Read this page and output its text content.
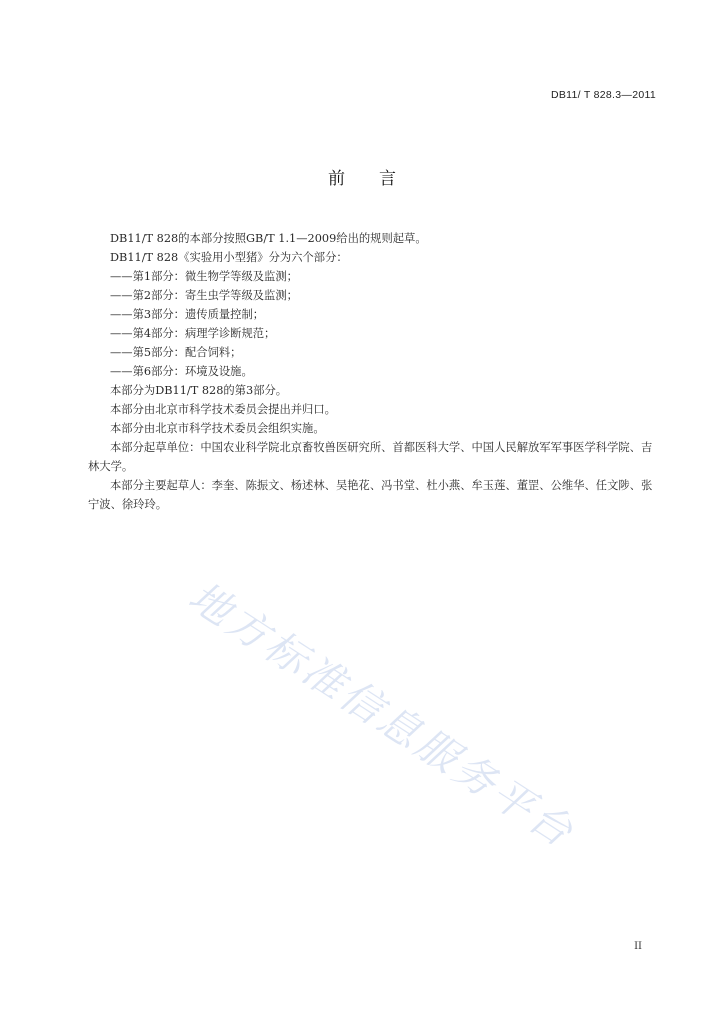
DB11/ T 828.3—2011
前言

DB11/T 828的本部分按照GB/T 1.1—2009给出的规则起草。

DB11/T 828《实验用小型猪》分为六个部分：

——第1部分：微生物学等级及监测；

——第2部分：寄生虫学等级及监测；

——第3部分：遗传质量控制；

——第4部分：病理学诊断规范；

——第5部分：配合饲料；

——第6部分：环境及设施。

本部分为DB11/T 828的第3部分。

本部分由北京市科学技术委员会提出并归口。

本部分由北京市科学技术委员会组织实施。

本部分起草单位：中国农业科学院北京畜牧兽医研究所、首都医科大学、中国人民解放军军事医学科学院、吉林大学。

本部分主要起草人：李奎、陈振文、杨述林、吴艳花、冯书堂、杜小燕、牟玉莲、董罡、公维华、任文陟、张宁波、徐玲玲。

地方标准信息服务平台
II
